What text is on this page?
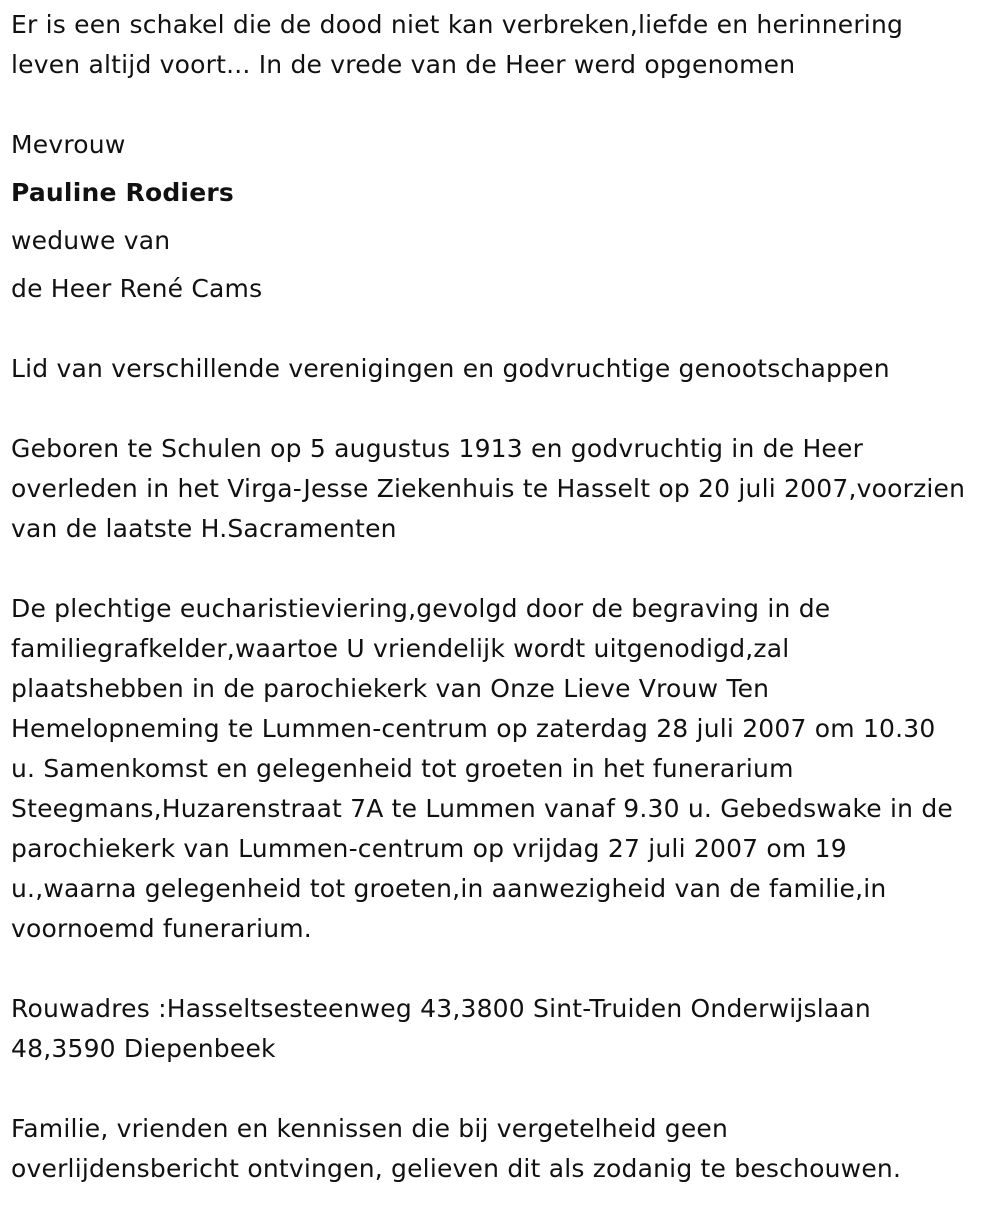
Er is een schakel die de dood niet kan verbreken,liefde en herinnering
leven altijd voort... In de vrede van de Heer werd opgenomen

Mevrouw

Pauline Rodiers

weduwe van

de Heer René Cams

Lid van verschillende verenigingen en godvruchtige genootschappen

Geboren te Schulen op 5 augustus 1913 en godvruchtig in de Heer
overleden in het Virga-Jesse Ziekenhuis te Hasselt op 20 juli 2007,voorzien
van de laatste H.Sacramenten

De plechtige eucharistieviering,gevolgd door de begraving in de
familiegrafkelder,waartoe U vriendelijk wordt uitgenodigd,zal
plaatshebben in de parochiekerk van Onze Lieve Vrouw Ten
Hemelopneming te Lummen-centrum op zaterdag 28 juli 2007 om 10.30
u. Samenkomst en gelegenheid tot groeten in het funerarium
Steegmans,Huzarenstraat 7A te Lummen vanaf 9.30 u. Gebedswake in de
parochiekerk van Lummen-centrum op vrijdag 27 juli 2007 om 19
u.,waarna gelegenheid tot groeten,in aanwezigheid van de familie,in
voornoemd funerarium.

Rouwadres :Hasseltsesteenweg 43,3800 Sint-Truiden Onderwijslaan
48,3590 Diepenbeek

Familie, vrienden en kennissen die bij vergetelheid geen
overlijdensbericht ontvingen, gelieven dit als zodanig te beschouwen.
